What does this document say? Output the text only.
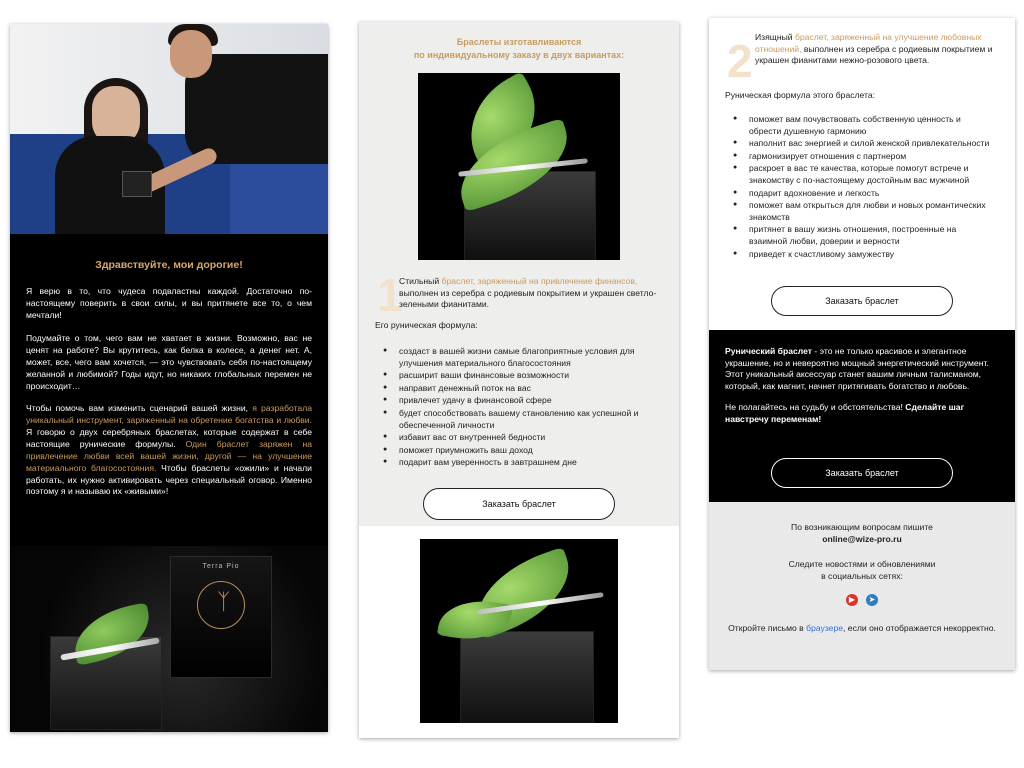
Здравствуйте, мои дорогие!

Я верю в то, что чудеса подвластны каждой. Достаточно по-настоящему поверить в свои силы, и вы притянете все то, о чем мечтали!

Подумайте о том, чего вам не хватает в жизни. Возможно, вас не ценят на работе? Вы крутитесь, как белка в колесе, а денег нет. А, может, все, чего вам хочется, — это чувствовать себя по-настоящему желанной и любимой? Годы идут, но никаких глобальных перемен не происходит…

Чтобы помочь вам изменить сценарий вашей жизни, я разработала уникальный инструмент, заряженный на обретение богатства и любви. Я говорю о двух серебряных браслетах, которые содержат в себе настоящие рунические формулы. Один браслет заряжен на привлечение любви всей вашей жизни, другой — на улучшение материального благосостояния. Чтобы браслеты «ожили» и начали работать, их нужно активировать через специальный оговор. Именно поэтому я и называю их «живыми»!

Terra Pio
ᛉ
Браслеты изготавливаются
по индивидуальному заказу в двух вариантах:
1
Стильный браслет, заряженный на привлечение финансов, выполнен из серебра с родиевым покрытием и украшен светло-зелеными фианитами.
Его руническая формула:
● создаст в вашей жизни самые благоприятные условия для улучшения материального благосостояния
● расширит ваши финансовые возможности
● направит денежный поток на вас
● привлечет удачу в финансовой сфере
● будет способствовать вашему становлению как успешной и обеспеченной личности
● избавит вас от внутренней бедности
● поможет приумножить ваш доход
● подарит вам уверенность в завтрашнем дне
Заказать браслет
2 Изящный браслет, заряженный на улучшение любовных отношений, выполнен из серебра с родиевым покрытием и украшен фианитами нежно-розового цвета.
Руническая формула этого браслета:
● поможет вам почувствовать собственную ценность и обрести душевную гармонию
● наполнит вас энергией и силой женской привлекательности
● гармонизирует отношения с партнером
● раскроет в вас те качества, которые помогут встрече и знакомству с по-настоящему достойным вас мужчиной
● подарит вдохновение и легкость
● поможет вам открыться для любви и новых романтических знакомств
● притянет в вашу жизнь отношения, построенные на взаимной любви, доверии и верности
● приведет к счастливому замужеству
Заказать браслет

Рунический браслет - это не только красивое и элегантное украшение, но и невероятно мощный энергетический инструмент. Этот уникальный аксессуар станет вашим личным талисманом, который, как магнит, начнет притягивать богатство и любовь.

Не полагайтесь на судьбу и обстоятельства! Сделайте шаг навстречу переменам!

Заказать браслет
По возникающим вопросам пишите
online@wize-pro.ru
Следите новостями и обновлениями
в социальных сетях:
▶ ➤
Откройте письмо в браузере, если оно отображается некорректно.
